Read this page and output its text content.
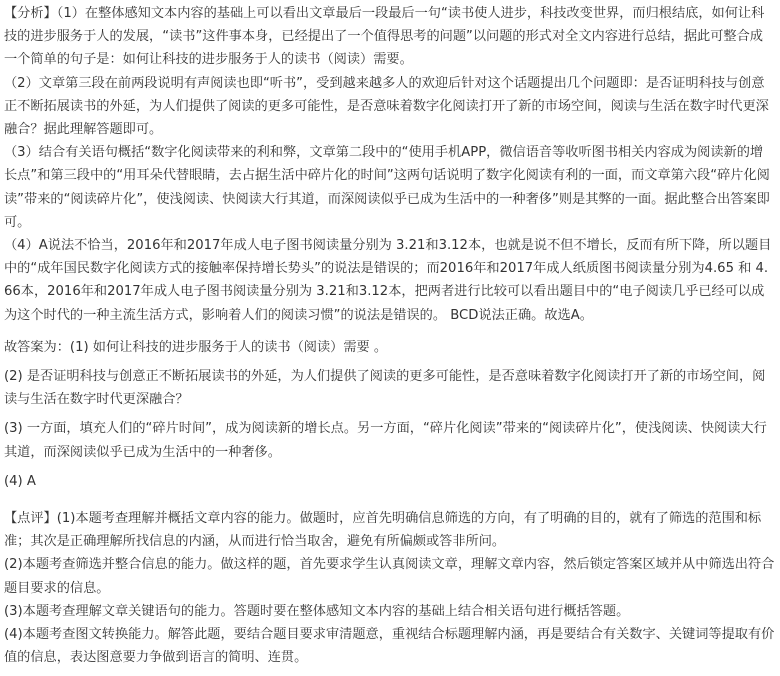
【分析】（1）在整体感知文本内容的基础上可以看出文章最后一段最后一句“读书使人进步，科技改变世界，而归根结底，如何让科技的进步服务于人的发展，“读书”这件事本身，已经提出了一个值得思考的问题”以问题的形式对全文内容进行总结，据此可整合成一个简单的句子是：如何让科技的进步服务于人的读书（阅读）需要。

（2）文章第三段在前两段说明有声阅读也即“听书”，受到越来越多人的欢迎后针对这个话题提出几个问题即：是否证明科技与创意正不断拓展读书的外延，为人们提供了阅读的更多可能性，是否意味着数字化阅读打开了新的市场空间，阅读与生活在数字时代更深融合？据此理解答题即可。

（3）结合有关语句概括“数字化阅读带来的利和弊，文章第二段中的“使用手机APP，微信语音等收听图书相关内容成为阅读新的增长点”和第三段中的“用耳朵代替眼睛，去占据生活中碎片化的时间”这两句话说明了数字化阅读有利的一面，而文章第六段“碎片化阅读”带来的“阅读碎片化”，使浅阅读、快阅读大行其道，而深阅读似乎已成为生活中的一种奢侈”则是其弊的一面。据此整合出答案即可。

（4）A说法不恰当，2016年和2017年成人电子图书阅读量分别为 3.21和3.12本，也就是说不但不增长，反而有所下降，所以题目中的“成年国民数字化阅读方式的接触率保持增长势头”的说法是错误的；而2016年和2017年成人纸质图书阅读量分别为4.65 和 4.66本，2016年和2017年成人电子图书阅读量分别为 3.21和3.12本，把两者进行比较可以看出题目中的“电子阅读几乎已经可以成为这个时代的一种主流生活方式，影响着人们的阅读习惯”的说法是错误的。 BCD说法正确。故选A。

故答案为：(1) 如何让科技的进步服务于人的读书（阅读）需要 。

(2) 是否证明科技与创意正不断拓展读书的外延，为人们提供了阅读的更多可能性，是否意味着数字化阅读打开了新的市场空间，阅读与生活在数字时代更深融合？

(3) 一方面，填充人们的“碎片时间”，成为阅读新的增长点。另一方面，“碎片化阅读”带来的“阅读碎片化”，使浅阅读、快阅读大行其道，而深阅读似乎已成为生活中的一种奢侈。

(4) A

【点评】(1)本题考查理解并概括文章内容的能力。做题时，应首先明确信息筛选的方向，有了明确的目的，就有了筛选的范围和标准；其次是正确理解所找信息的内涵，从而进行恰当取舍，避免有所偏颇或答非所问。

(2)本题考查筛选并整合信息的能力。做这样的题，首先要求学生认真阅读文章，理解文章内容，然后锁定答案区域并从中筛选出符合题目要求的信息。

(3)本题考查理解文章关键语句的能力。答题时要在整体感知文本内容的基础上结合相关语句进行概括答题。

(4)本题考查图文转换能力。解答此题，要结合题目要求审清题意，重视结合标题理解内涵，再是要结合有关数字、关键词等提取有价值的信息，表达图意要力争做到语言的简明、连贯。
